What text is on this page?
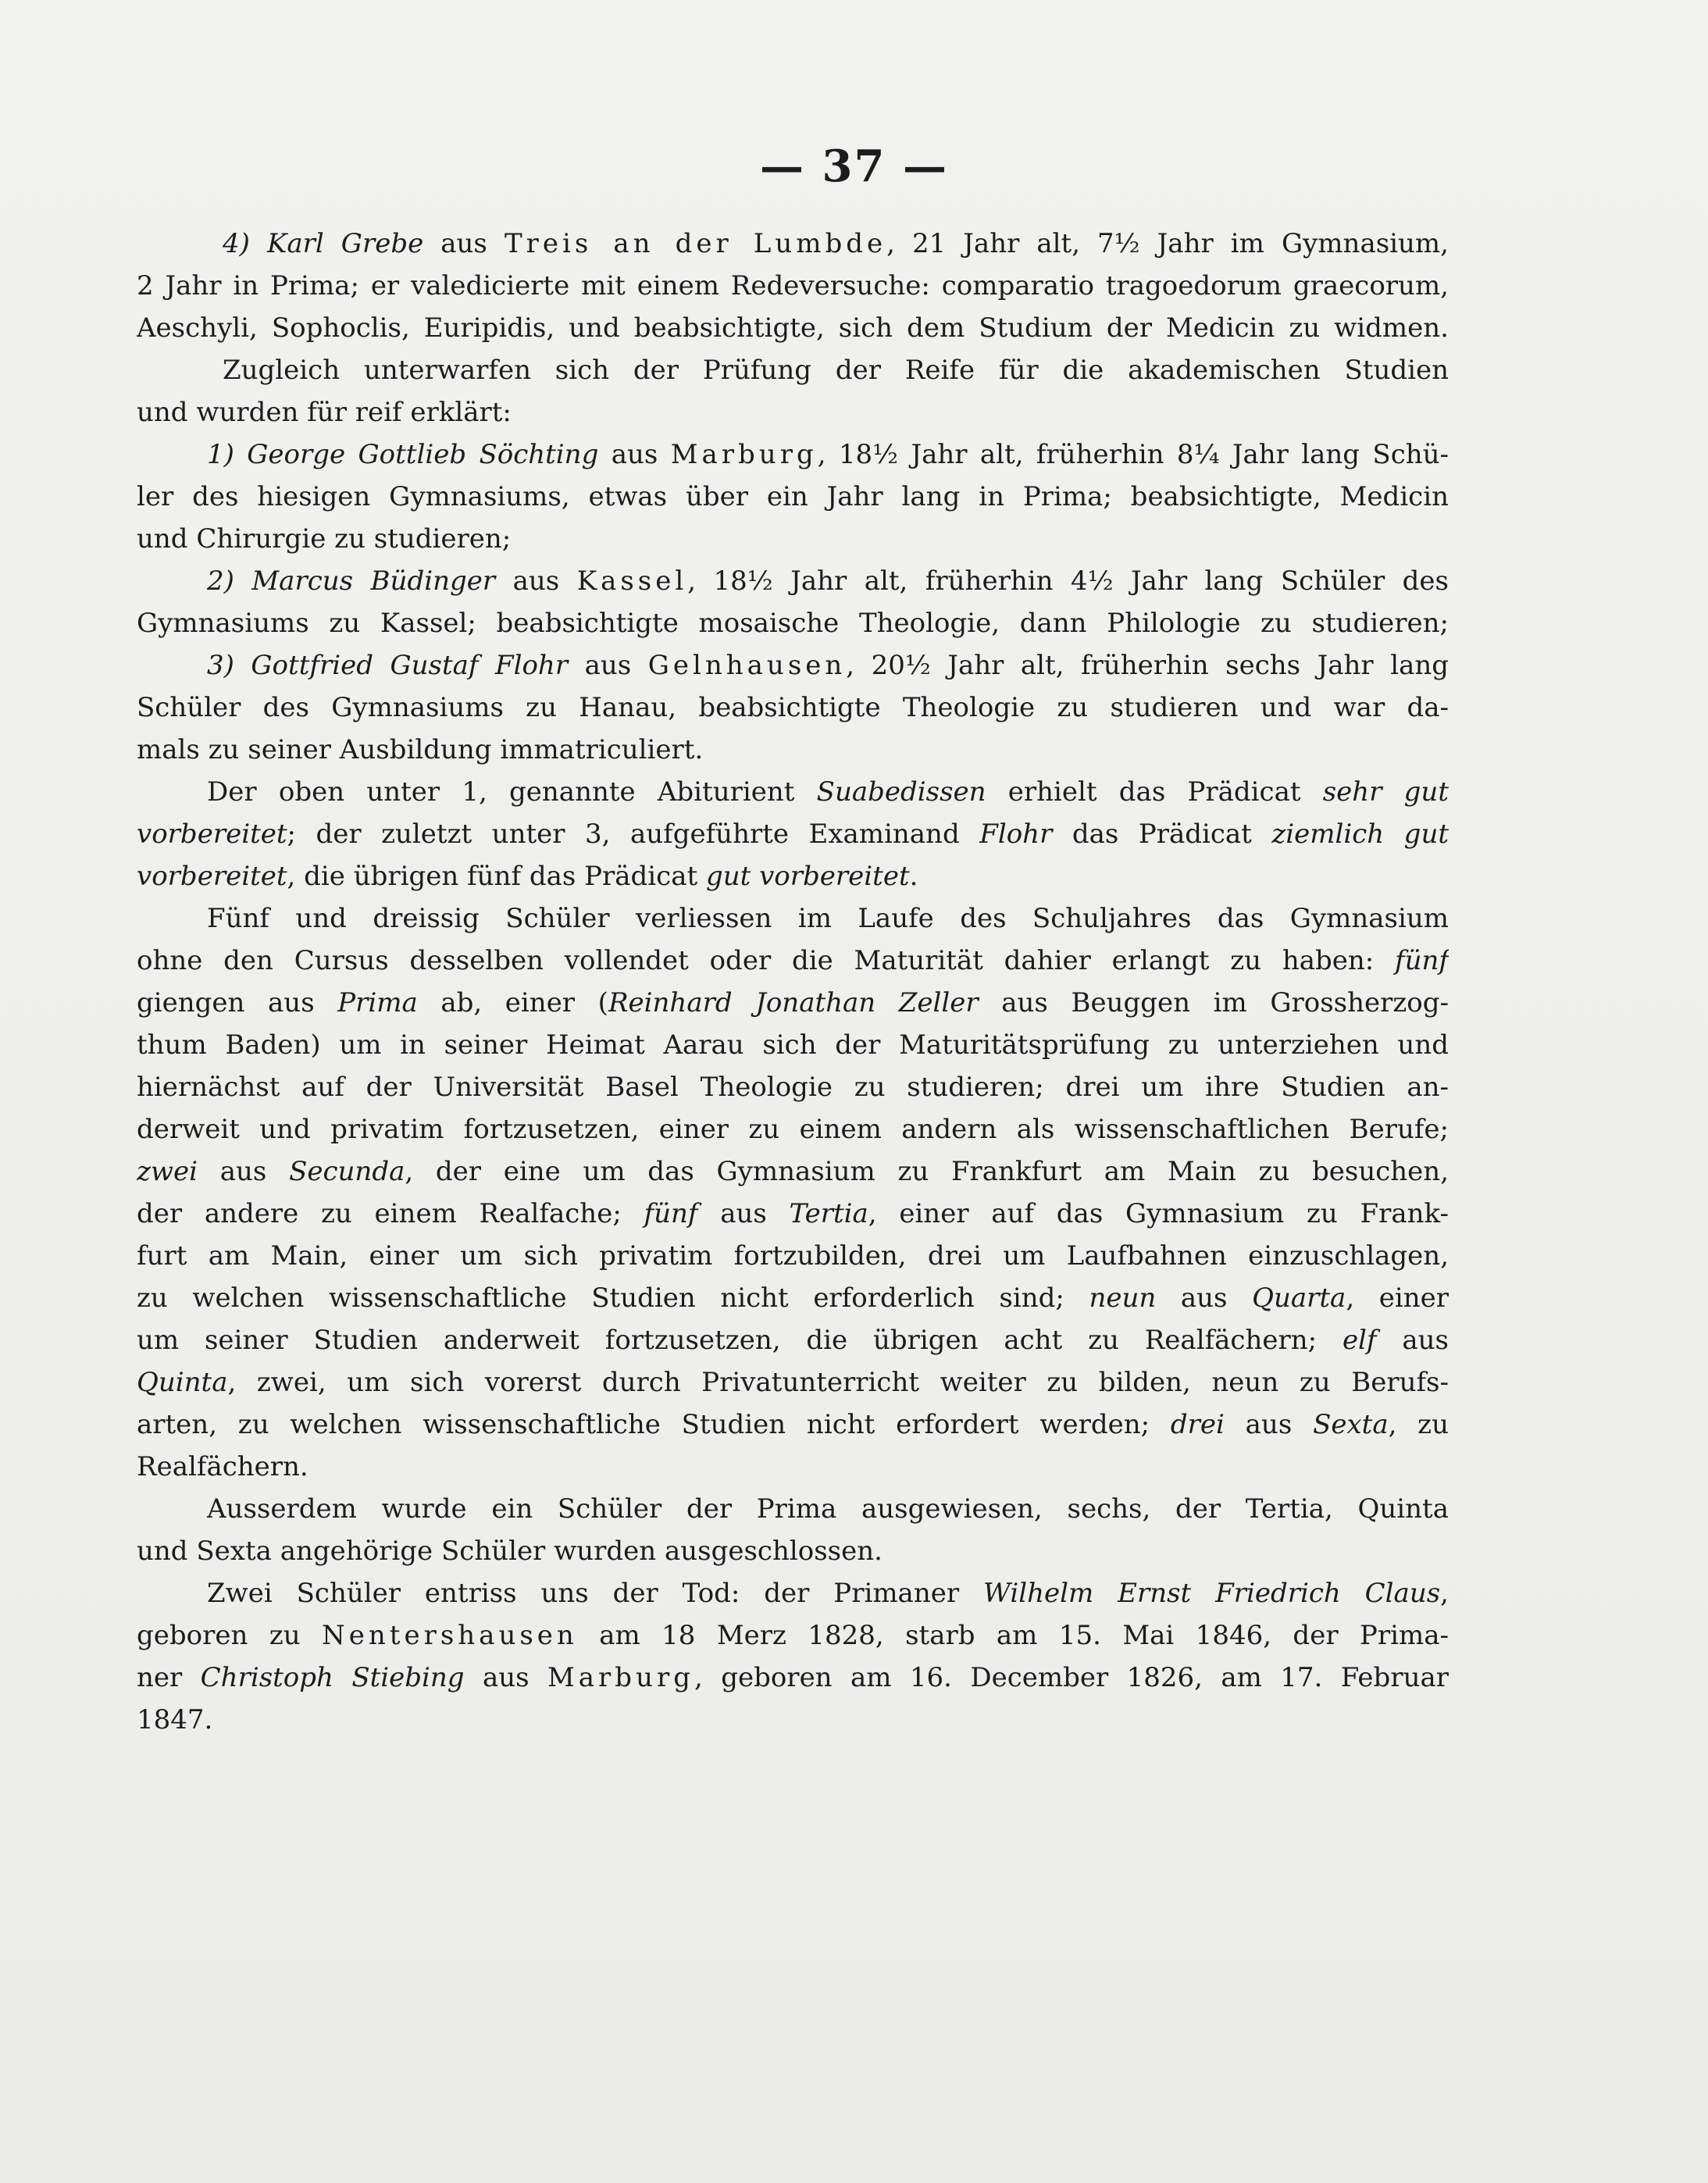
— 37 —
4) Karl Grebe aus Treis an der Lumbde, 21 Jahr alt, 7½ Jahr im Gymnasium,
2 Jahr in Prima; er valedicierte mit einem Redeversuche: comparatio tragoedorum graecorum,
Aeschyli, Sophoclis, Euripidis, und beabsichtigte, sich dem Studium der Medicin zu widmen.
Zugleich unterwarfen sich der Prüfung der Reife für die akademischen Studien
und wurden für reif erklärt:
1) George Gottlieb Söchting aus Marburg, 18½ Jahr alt, früherhin 8¼ Jahr lang Schü-
ler des hiesigen Gymnasiums, etwas über ein Jahr lang in Prima; beabsichtigte, Medicin
und Chirurgie zu studieren;
2) Marcus Büdinger aus Kassel, 18½ Jahr alt, früherhin 4½ Jahr lang Schüler des
Gymnasiums zu Kassel; beabsichtigte mosaische Theologie, dann Philologie zu studieren;
3) Gottfried Gustaf Flohr aus Gelnhausen, 20½ Jahr alt, früherhin sechs Jahr lang
Schüler des Gymnasiums zu Hanau, beabsichtigte Theologie zu studieren und war da-
mals zu seiner Ausbildung immatriculiert.
Der oben unter 1, genannte Abiturient Suabedissen erhielt das Prädicat sehr gut
vorbereitet; der zuletzt unter 3, aufgeführte Examinand Flohr das Prädicat ziemlich gut
vorbereitet, die übrigen fünf das Prädicat gut vorbereitet.
Fünf und dreissig Schüler verliessen im Laufe des Schuljahres das Gymnasium
ohne den Cursus desselben vollendet oder die Maturität dahier erlangt zu haben: fünf
giengen aus Prima ab, einer (Reinhard Jonathan Zeller aus Beuggen im Grossherzog-
thum Baden) um in seiner Heimat Aarau sich der Maturitätsprüfung zu unterziehen und
hiernächst auf der Universität Basel Theologie zu studieren; drei um ihre Studien an-
derweit und privatim fortzusetzen, einer zu einem andern als wissenschaftlichen Berufe;
zwei aus Secunda, der eine um das Gymnasium zu Frankfurt am Main zu besuchen,
der andere zu einem Realfache; fünf aus Tertia, einer auf das Gymnasium zu Frank-
furt am Main, einer um sich privatim fortzubilden, drei um Laufbahnen einzuschlagen,
zu welchen wissenschaftliche Studien nicht erforderlich sind; neun aus Quarta, einer
um seiner Studien anderweit fortzusetzen, die übrigen acht zu Realfächern; elf aus
Quinta, zwei, um sich vorerst durch Privatunterricht weiter zu bilden, neun zu Berufs-
arten, zu welchen wissenschaftliche Studien nicht erfordert werden; drei aus Sexta, zu
Realfächern.
Ausserdem wurde ein Schüler der Prima ausgewiesen, sechs, der Tertia, Quinta
und Sexta angehörige Schüler wurden ausgeschlossen.
Zwei Schüler entriss uns der Tod: der Primaner Wilhelm Ernst Friedrich Claus,
geboren zu Nentershausen am 18 Merz 1828, starb am 15. Mai 1846, der Prima-
ner Christoph Stiebing aus Marburg, geboren am 16. December 1826, am 17. Februar
1847.
